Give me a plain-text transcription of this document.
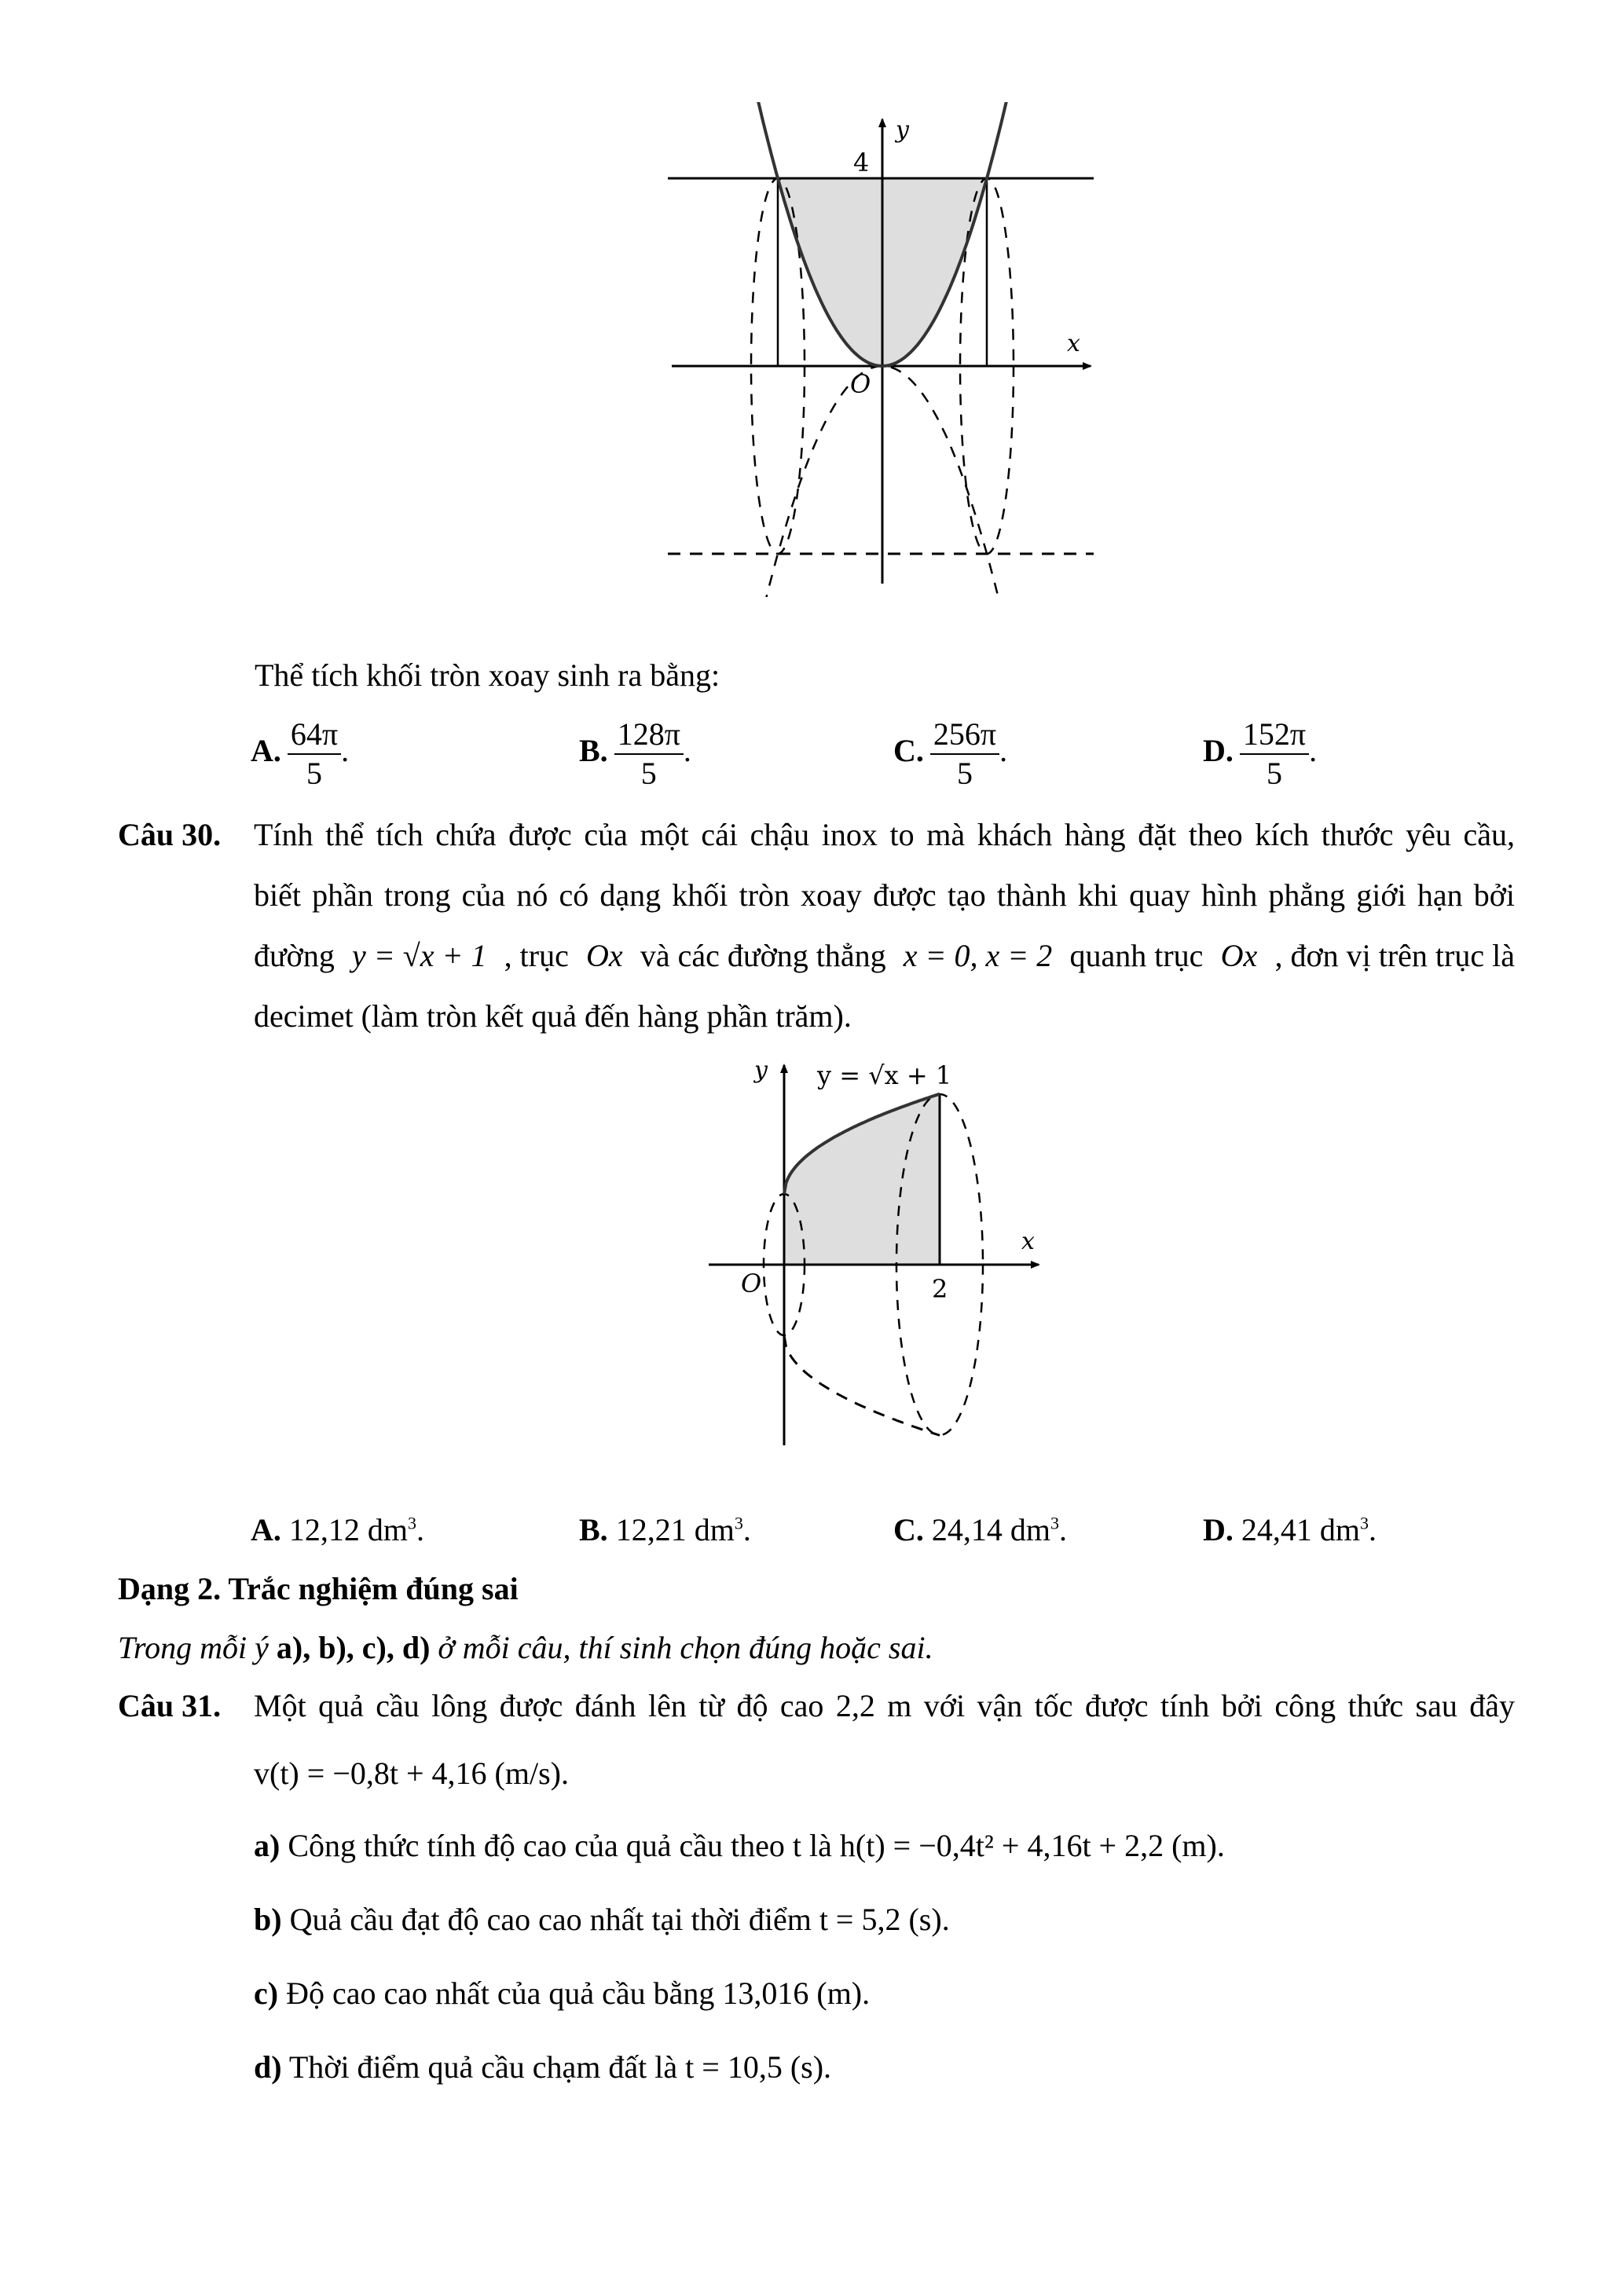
y
x
O
4
Thể tích khối tròn xoay sinh ra bằng:
A. $\frac{64\pi}{5}$ .	B. $\frac{128\pi}{5}$ .	C. $\frac{256\pi}{5}$ .	D. $\frac{152\pi}{5}$ .
Câu 30. Tính thể tích chứa được của một cái chậu inox to mà khách hàng đặt theo kích thước yêu cầu,
biết phần trong của nó có dạng khối tròn xoay được tạo thành khi quay hình phẳng giới hạn bởi
đường y = √x + 1 , trục Ox và các đường thẳng x = 0, x = 2 quanh trục Ox , đơn vị trên trục là
decimet (làm tròn kết quả đến hàng phần trăm).
y
x
O	2
y = √x + 1
A. 12,12 $dm^3$.	B. 12,21 $dm^3$.	C. 24,14 $dm^3$.	D. 24,41 $dm^3$.
Dạng 2. Trắc nghiệm đúng sai
Trong mỗi ý a), b), c), d) ở mỗi câu, thí sinh chọn đúng hoặc sai.
Câu 31. Một quả cầu lông được đánh lên từ độ cao 2,2 m với vận tốc được tính bởi công thức sau đây
v(t) = −0,8t + 4,16 (m/s).
a) Công thức tính độ cao của quả cầu theo t là h(t) = −0,4t² + 4,16t + 2,2 (m).
b) Quả cầu đạt độ cao cao nhất tại thời điểm t = 5,2 (s).
c) Độ cao cao nhất của quả cầu bằng 13,016 (m).
d) Thời điểm quả cầu chạm đất là t = 10,5 (s).
